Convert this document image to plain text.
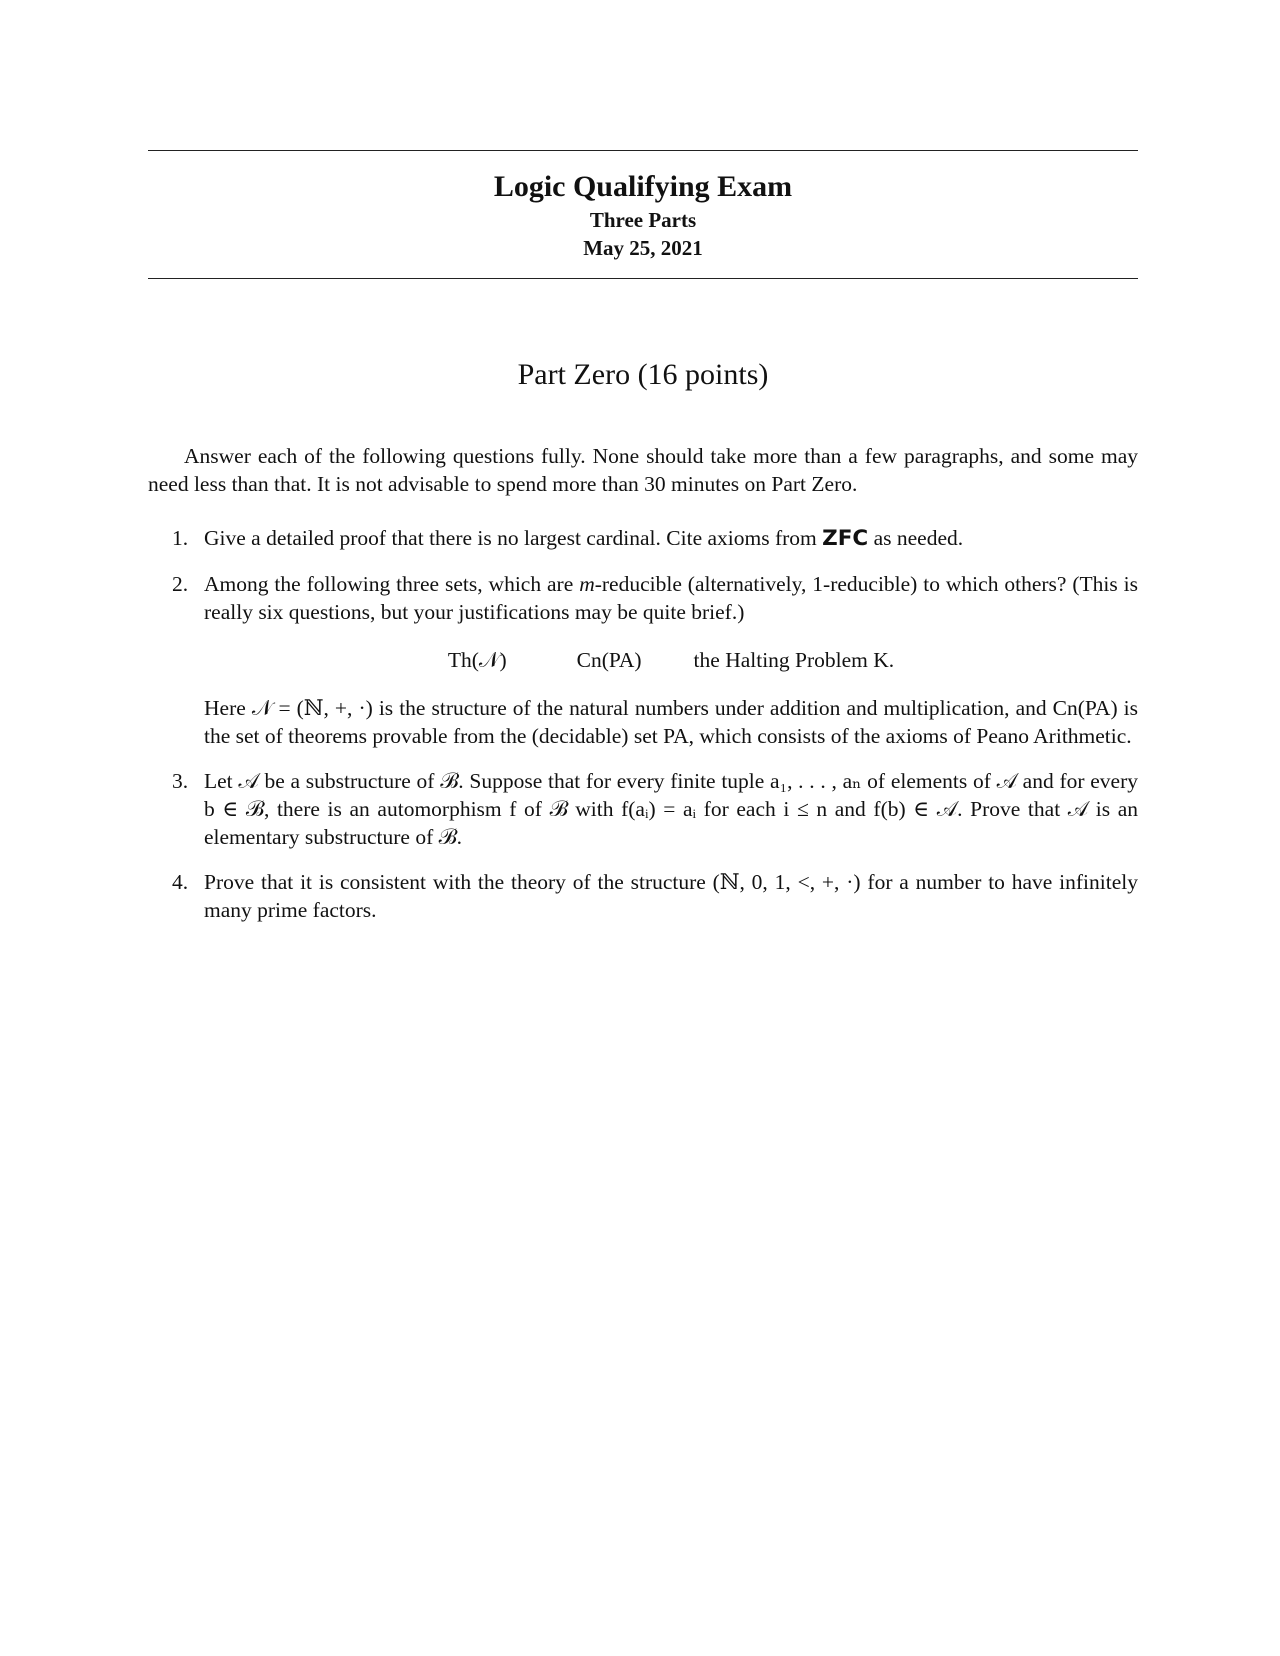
Logic Qualifying Exam
Three Parts
May 25, 2021
Part Zero (16 points)
Answer each of the following questions fully. None should take more than a few paragraphs, and some may need less than that. It is not advisable to spend more than 30 minutes on Part Zero.
1. Give a detailed proof that there is no largest cardinal. Cite axioms from ZFC as needed.

2. Among the following three sets, which are m-reducible (alternatively, 1-reducible) to which others? (This is really six questions, but your justifications may be quite brief.)

Th(𝒩)	Cn(PA) the Halting Problem K.

Here 𝒩 = (ℕ, +, ·) is the structure of the natural numbers under addition and multiplication, and Cn(PA) is the set of theorems provable from the (decidable) set PA, which consists of the axioms of Peano Arithmetic.

3. Let 𝒜 be a substructure of ℬ. Suppose that for every finite tuple a₁, . . . , aₙ of elements of 𝒜 and for every b ∈ ℬ, there is an automorphism f of ℬ with f(aᵢ) = aᵢ for each i ≤ n and f(b) ∈ 𝒜. Prove that 𝒜 is an elementary substructure of ℬ.

4. Prove that it is consistent with the theory of the structure (ℕ, 0, 1, <, +, ·) for a number to have infinitely many prime factors.
